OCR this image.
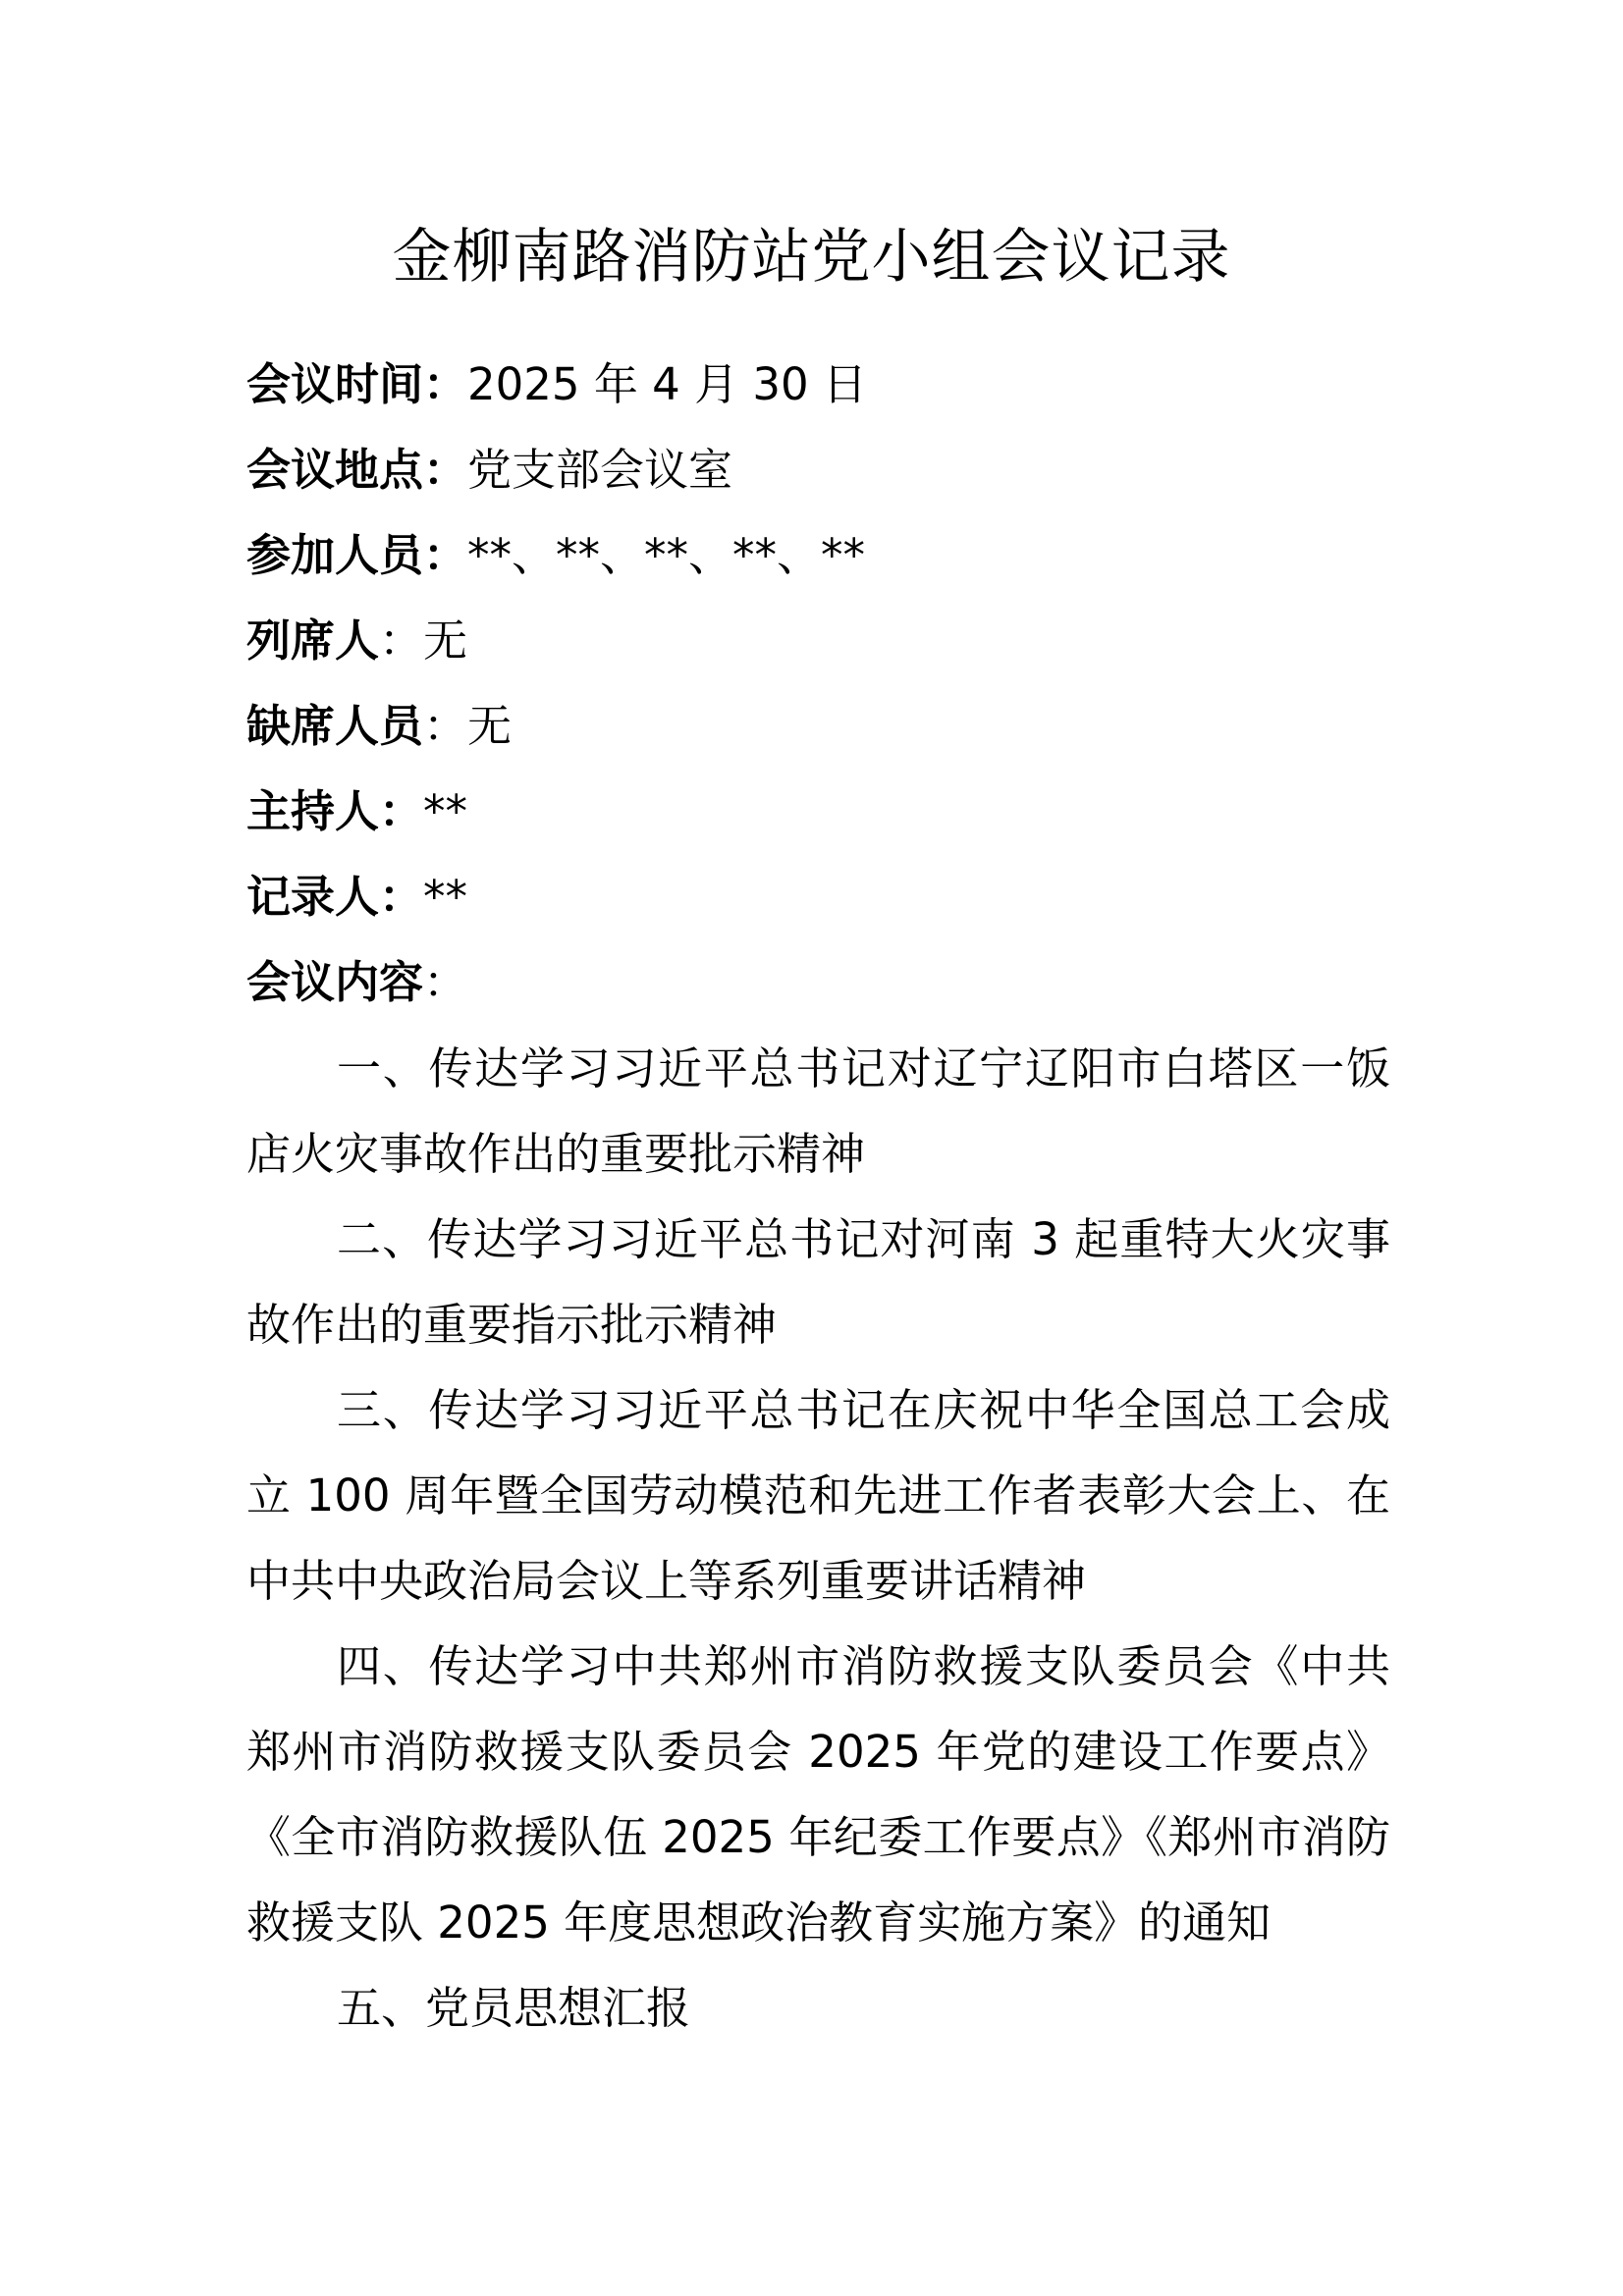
金柳南路消防站党小组会议记录
会议时间：2025 年 4 月 30 日
会议地点：党支部会议室
参加人员：**、**、**、**、**
列席人：无
缺席人员：无
主持人：**
记录人：**
会议内容：

一、传达学习习近平总书记对辽宁辽阳市白塔区一饭店火灾事故作出的重要批示精神

二、传达学习习近平总书记对河南 3 起重特大火灾事故作出的重要指示批示精神

三、传达学习习近平总书记在庆祝中华全国总工会成立 100 周年暨全国劳动模范和先进工作者表彰大会上、在中共中央政治局会议上等系列重要讲话精神

四、传达学习中共郑州市消防救援支队委员会《中共郑州市消防救援支队委员会 2025 年党的建设工作要点》《全市消防救援队伍 2025 年纪委工作要点》《郑州市消防救援支队 2025 年度思想政治教育实施方案》的通知

五、党员思想汇报
